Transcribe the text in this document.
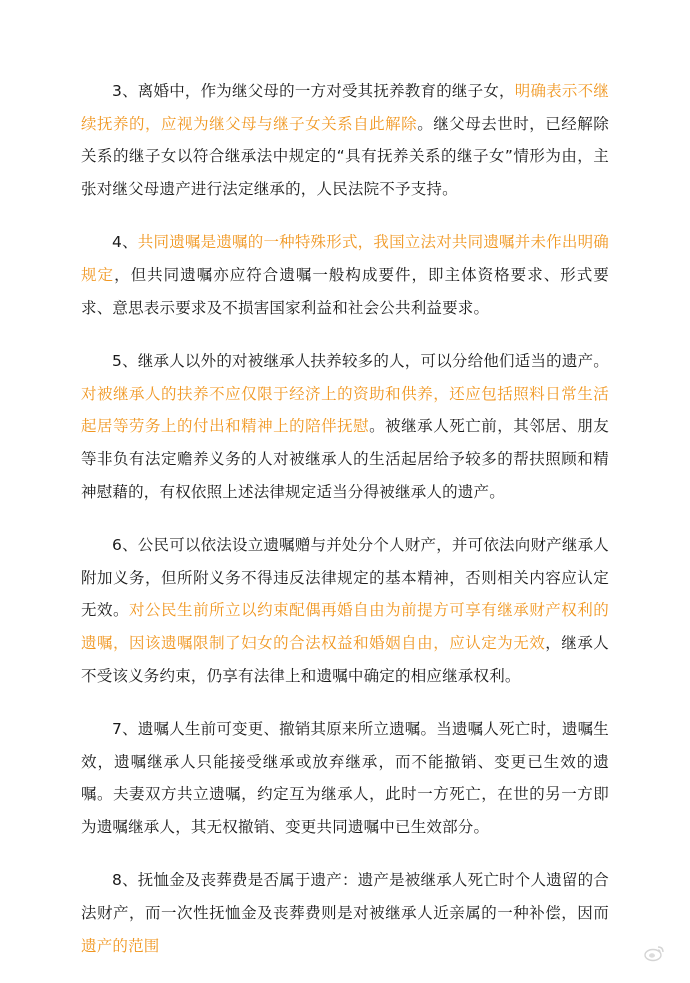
3、离婚中，作为继父母的一方对受其抚养教育的继子女，明确表示不继续抚养的，应视为继父母与继子女关系自此解除。继父母去世时，已经解除关系的继子女以符合继承法中规定的“具有抚养关系的继子女”情形为由，主张对继父母遗产进行法定继承的，人民法院不予支持。

4、共同遗嘱是遗嘱的一种特殊形式，我国立法对共同遗嘱并未作出明确规定，但共同遗嘱亦应符合遗嘱一般构成要件，即主体资格要求、形式要求、意思表示要求及不损害国家利益和社会公共利益要求。

5、继承人以外的对被继承人扶养较多的人，可以分给他们适当的遗产。对被继承人的扶养不应仅限于经济上的资助和供养，还应包括照料日常生活起居等劳务上的付出和精神上的陪伴抚慰。被继承人死亡前，其邻居、朋友等非负有法定赡养义务的人对被继承人的生活起居给予较多的帮扶照顾和精神慰藉的，有权依照上述法律规定适当分得被继承人的遗产。

6、公民可以依法设立遗嘱赠与并处分个人财产，并可依法向财产继承人附加义务，但所附义务不得违反法律规定的基本精神，否则相关内容应认定无效。对公民生前所立以约束配偶再婚自由为前提方可享有继承财产权利的遗嘱，因该遗嘱限制了妇女的合法权益和婚姻自由，应认定为无效，继承人不受该义务约束，仍享有法律上和遗嘱中确定的相应继承权利。

7、遗嘱人生前可变更、撤销其原来所立遗嘱。当遗嘱人死亡时，遗嘱生效，遗嘱继承人只能接受继承或放弃继承，而不能撤销、变更已生效的遗嘱。夫妻双方共立遗嘱，约定互为继承人，此时一方死亡，在世的另一方即为遗嘱继承人，其无权撤销、变更共同遗嘱中已生效部分。

8、抚恤金及丧葬费是否属于遗产：遗产是被继承人死亡时个人遗留的合法财产，而一次性抚恤金及丧葬费则是对被继承人近亲属的一种补偿，因而遗产的范围
